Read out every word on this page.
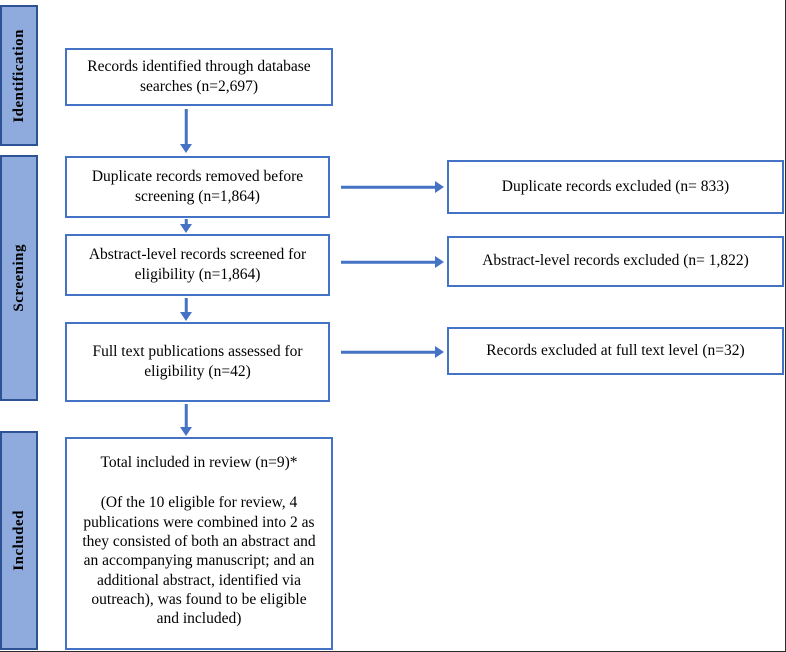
Identification
Screening
Included
Records identified through database searches (n=2,697)
Duplicate records removed before screening (n=1,864)
Abstract-level records screened for eligibility (n=1,864)
Full text publications assessed for eligibility (n=42)
Total included in review (n=9)*
(Of the 10 eligible for review, 4 publications were combined into 2 as they consisted of both an abstract and an accompanying manuscript; and an additional abstract, identified via outreach), was found to be eligible and included)
Duplicate records excluded (n= 833)
Abstract-level records excluded (n= 1,822)
Records excluded at full text level (n=32)
